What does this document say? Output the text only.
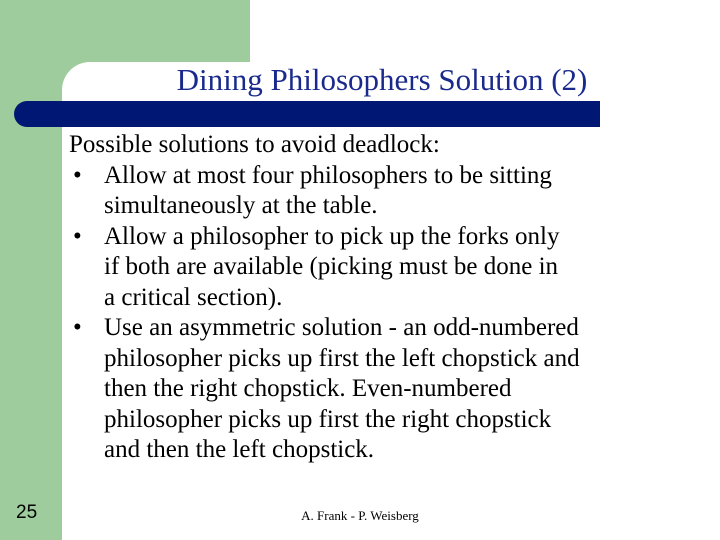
Dining Philosophers Solution (2)

Possible solutions to avoid deadlock:

• Allow at most four philosophers to be sitting
simultaneously at the table.
• Allow a philosopher to pick up the forks only
if both are available (picking must be done in
a critical section).
• Use an asymmetric solution - an odd-numbered
philosopher picks up first the left chopstick and
then the right chopstick. Even-numbered
philosopher picks up first the right chopstick
and then the left chopstick.
25	A. Frank - P. Weisberg
